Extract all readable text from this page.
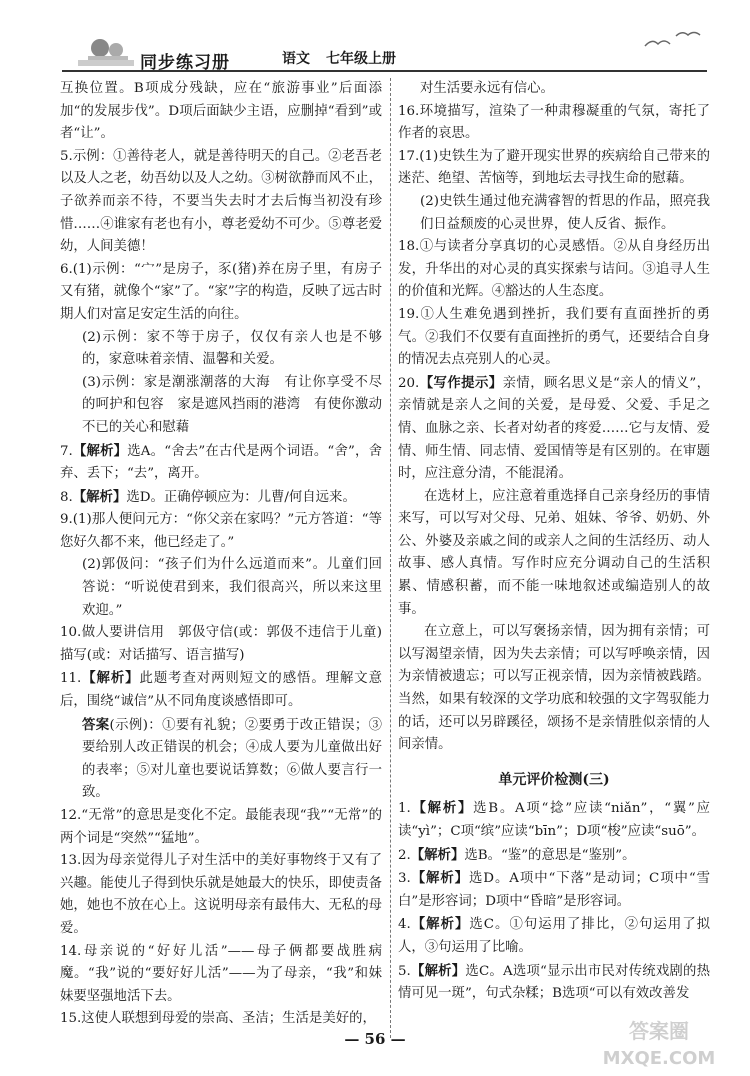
同步练习册	语文 七年级上册

互换位置。B项成分残缺，应在“旅游事业”后面添加“的发展步伐”。D项后面缺少主语，应删掉“看到”或者“让”。

5.示例：①善待老人，就是善待明天的自己。②老吾老以及人之老，幼吾幼以及人之幼。③树欲静而风不止，子欲养而亲不待，不要当失去时才去后悔当初没有珍惜……④谁家有老也有小，尊老爱幼不可少。⑤尊老爱幼，人间美德！

6.(1)示例：“宀”是房子，豕(猪)养在房子里，有房子又有猪，就像个“家”了。“家”字的构造，反映了远古时期人们对富足安定生活的向往。

(2)示例：家不等于房子，仅仅有亲人也是不够的，家意味着亲情、温馨和关爱。

(3)示例：家是潮涨潮落的大海　有让你享受不尽的呵护和包容　家是遮风挡雨的港湾　有使你激动不已的关心和慰藉

7.【解析】选A。“舍去”在古代是两个词语。“舍”，舍弃、丢下；“去”，离开。

8.【解析】选D。正确停顿应为：儿曹/何自远来。

9.(1)那人便问元方：“你父亲在家吗？”元方答道：“等您好久都不来，他已经走了。”

(2)郭伋问：“孩子们为什么远道而来”。儿童们回答说：“听说使君到来，我们很高兴，所以来这里欢迎。”

10.做人要讲信用　郭伋守信(或：郭伋不违信于儿童)　描写(或：对话描写、语言描写)

11.【解析】此题考查对两则短文的感悟。理解文意后，围绕“诚信”从不同角度谈感悟即可。

答案(示例)：①要有礼貌；②要勇于改正错误；③要给别人改正错误的机会；④成人要为儿童做出好的表率；⑤对儿童也要说话算数；⑥做人要言行一致。

12.“无常”的意思是变化不定。最能表现“我”“无常”的两个词是“突然”“猛地”。

13.因为母亲觉得儿子对生活中的美好事物终于又有了兴趣。能使儿子得到快乐就是她最大的快乐，即使责备她，她也不放在心上。这说明母亲有最伟大、无私的母爱。

14.母亲说的“好好儿活”——母子俩都要战胜病魔。“我”说的“要好好儿活”——为了母亲，“我”和妹妹要坚强地活下去。

15.这使人联想到母爱的崇高、圣洁；生活是美好的，

对生活要永远有信心。

16.环境描写，渲染了一种肃穆凝重的气氛，寄托了作者的哀思。

17.(1)史铁生为了避开现实世界的疾病给自己带来的迷茫、绝望、苦恼等，到地坛去寻找生命的慰藉。

(2)史铁生通过他充满睿智的哲思的作品，照亮我们日益颓废的心灵世界，使人反省、振作。

18.①与读者分享真切的心灵感悟。②从自身经历出发，升华出的对心灵的真实探索与诘问。③追寻人生的价值和光辉。④豁达的人生态度。

19.①人生难免遇到挫折，我们要有直面挫折的勇气。②我们不仅要有直面挫折的勇气，还要结合自身的情况去点亮别人的心灵。

20.【写作提示】亲情，顾名思义是“亲人的情义”，亲情就是亲人之间的关爱，是母爱、父爱、手足之情、血脉之亲、长者对幼者的疼爱……它与友情、爱情、师生情、同志情、爱国情等是有区别的。在审题时，应注意分清，不能混淆。

在选材上，应注意着重选择自己亲身经历的事情来写，可以写对父母、兄弟、姐妹、爷爷、奶奶、外公、外婆及亲戚之间的或亲人之间的生活经历、动人故事、感人真情。写作时应充分调动自己的生活积累、情感积蓄，而不能一味地叙述或编造别人的故事。

在立意上，可以写褒扬亲情，因为拥有亲情；可以写渴望亲情，因为失去亲情；可以写呼唤亲情，因为亲情被遗忘；可以写正视亲情，因为亲情被践踏。当然，如果有较深的文学功底和较强的文字驾驭能力的话，还可以另辟蹊径，颂扬不是亲情胜似亲情的人间亲情。

单元评价检测(三)

1.【解析】选B。A项“捻”应读“niǎn”，“翼”应读“yì”；C项“缤”应读“bīn”；D项“梭”应读“suō”。

2.【解析】选B。“鉴”的意思是“鉴别”。

3.【解析】选D。A项中“下落”是动词；C项中“雪白”是形容词；D项中“昏暗”是形容词。

4.【解析】选C。①句运用了排比，②句运用了拟人，③句运用了比喻。

5.【解析】选C。A选项“显示出市民对传统戏剧的热情可见一斑”，句式杂糅；B选项“可以有效改善发

— 56 —	答案圈
MXQE.COM
